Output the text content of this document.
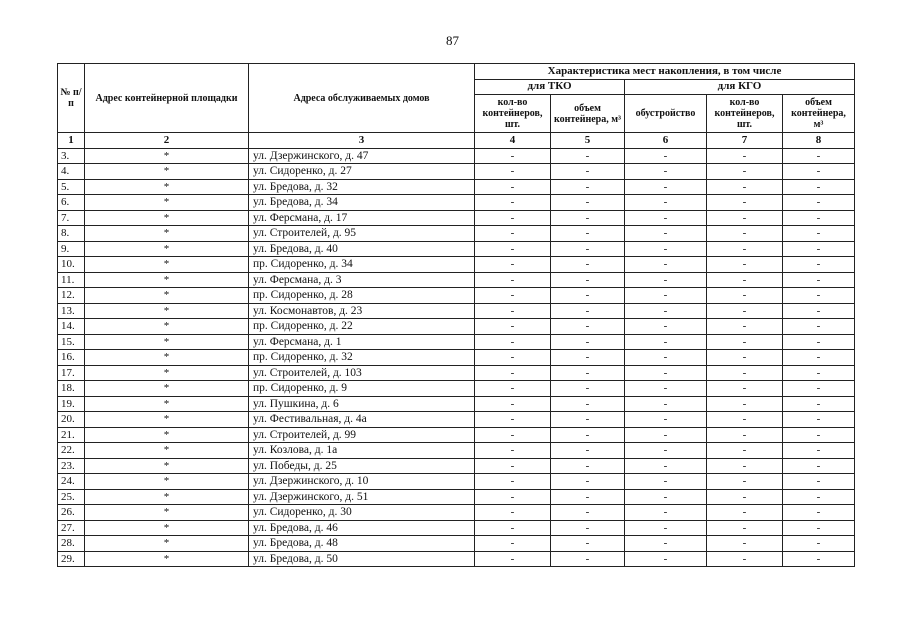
87
№ п/п	Адрес контейнерной площадки	Адреса обслуживаемых домов	Характеристика мест накопления, в том числе				
			для ТКО		для КГО		
			кол-во контейнеров, шт.	объем контейнера, м³	обустройство	кол-во контейнеров, шт.	объем контейнера, м³
1	2	3	4	5	6	7	8
3.	*	ул. Дзержинского, д. 47	-	-	-	-	-
4.	*	ул. Сидоренко, д. 27	-	-	-	-	-
5.	*	ул. Бредова, д. 32	-	-	-	-	-
6.	*	ул. Бредова, д. 34	-	-	-	-	-
7.	*	ул. Ферсмана, д. 17	-	-	-	-	-
8.	*	ул. Строителей, д. 95	-	-	-	-	-
9.	*	ул. Бредова, д. 40	-	-	-	-	-
10.	*	пр. Сидоренко, д. 34	-	-	-	-	-
11.	*	ул. Ферсмана, д. 3	-	-	-	-	-
12.	*	пр. Сидоренко, д. 28	-	-	-	-	-
13.	*	ул. Космонавтов, д. 23	-	-	-	-	-
14.	*	пр. Сидоренко, д. 22	-	-	-	-	-
15.	*	ул. Ферсмана, д. 1	-	-	-	-	-
16.	*	пр. Сидоренко, д. 32	-	-	-	-	-
17.	*	ул. Строителей, д. 103	-	-	-	-	-
18.	*	пр. Сидоренко, д. 9	-	-	-	-	-
19.	*	ул. Пушкина, д. 6	-	-	-	-	-
20.	*	ул. Фестивальная, д. 4а	-	-	-	-	-
21.	*	ул. Строителей, д. 99	-	-	-	-	-
22.	*	ул. Козлова, д. 1а	-	-	-	-	-
23.	*	ул. Победы, д. 25	-	-	-	-	-
24.	*	ул. Дзержинского, д. 10	-	-	-	-	-
25.	*	ул. Дзержинского, д. 51	-	-	-	-	-
26.	*	ул. Сидоренко, д. 30	-	-	-	-	-
27.	*	ул. Бредова, д. 46	-	-	-	-	-
28.	*	ул. Бредова, д. 48	-	-	-	-	-
29.	*	ул. Бредова, д. 50	-	-	-	-	-
